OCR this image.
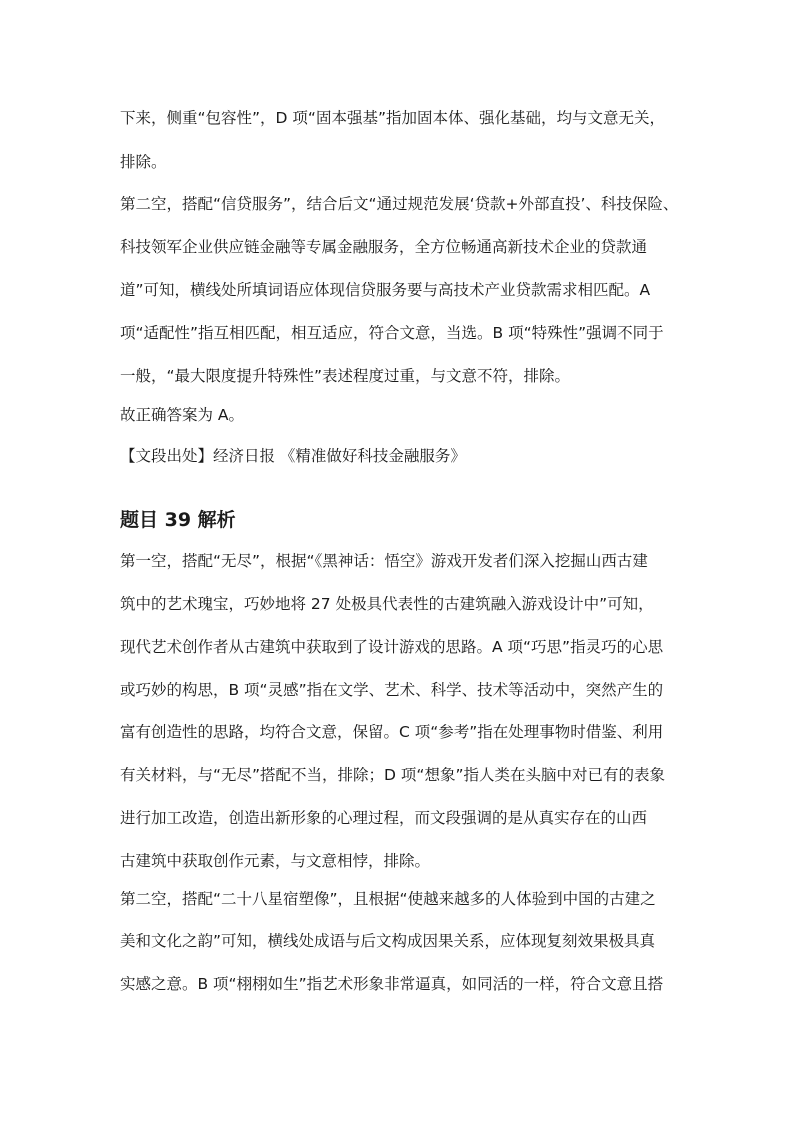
下来，侧重“包容性”，D 项“固本强基”指加固本体、强化基础，均与文意无关，
排除。
第二空，搭配“信贷服务”，结合后文“通过规范发展‘贷款+外部直投’、科技保险、
科技领军企业供应链金融等专属金融服务，全方位畅通高新技术企业的贷款通
道”可知，横线处所填词语应体现信贷服务要与高技术产业贷款需求相匹配。A
项“适配性”指互相匹配，相互适应，符合文意，当选。B 项“特殊性”强调不同于
一般，“最大限度提升特殊性”表述程度过重，与文意不符，排除。
故正确答案为 A。
【文段出处】经济日报 《精准做好科技金融服务》
题目 39 解析
第一空，搭配“无尽”，根据“《黑神话：悟空》游戏开发者们深入挖掘山西古建
筑中的艺术瑰宝，巧妙地将 27 处极具代表性的古建筑融入游戏设计中”可知，
现代艺术创作者从古建筑中获取到了设计游戏的思路。A 项“巧思”指灵巧的心思
或巧妙的构思，B 项“灵感”指在文学、艺术、科学、技术等活动中，突然产生的
富有创造性的思路，均符合文意，保留。C 项“参考”指在处理事物时借鉴、利用
有关材料，与“无尽”搭配不当，排除；D 项“想象”指人类在头脑中对已有的表象
进行加工改造，创造出新形象的心理过程，而文段强调的是从真实存在的山西
古建筑中获取创作元素，与文意相悖，排除。
第二空，搭配“二十八星宿塑像”，且根据“使越来越多的人体验到中国的古建之
美和文化之韵”可知，横线处成语与后文构成因果关系，应体现复刻效果极具真
实感之意。B 项“栩栩如生”指艺术形象非常逼真，如同活的一样，符合文意且搭
